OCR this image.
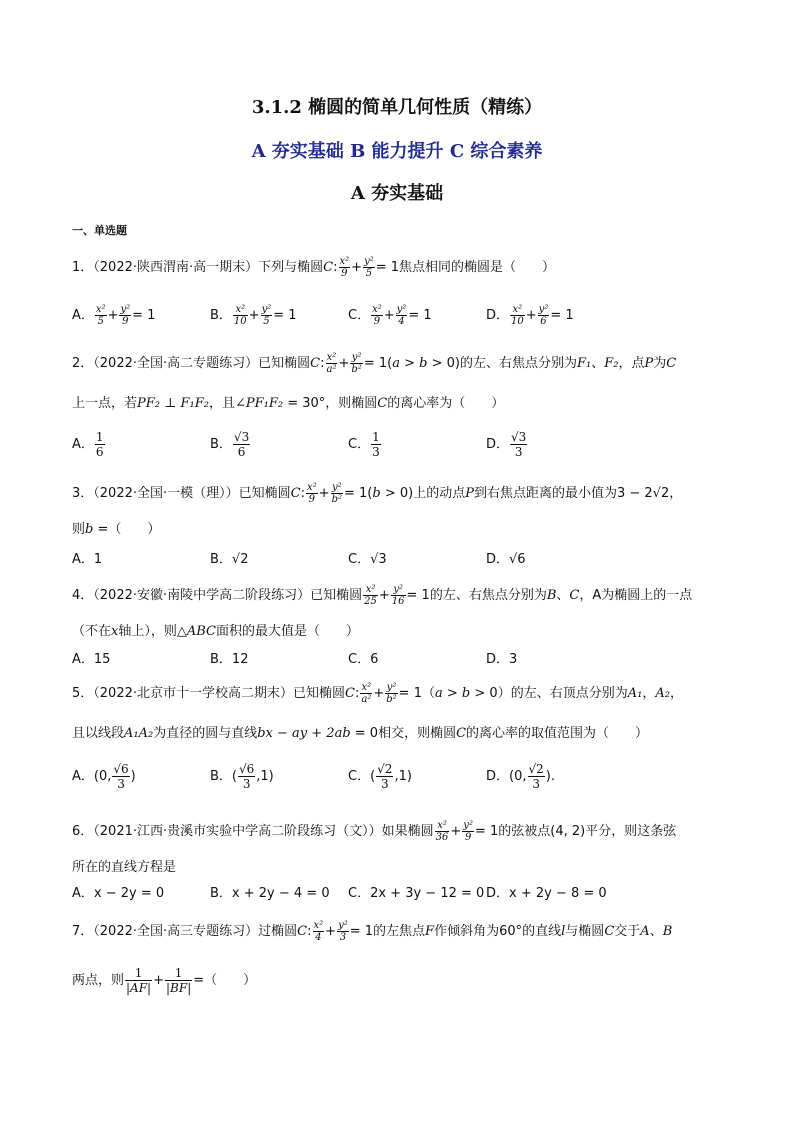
3.1.2 椭圆的简单几何性质（精练）
A 夯实基础 B 能力提升 C 综合素养
A 夯实基础
一、单选题
1．（2022·陕西渭南·高一期末）下列与椭圆C: $\frac{\text{x²}}{9} + \frac{\text{y²}}{5} = 1$焦点相同的椭圆是（　　）
A． $\frac{\text{x²}}{5} + \frac{\text{y²}}{9} = 1$	B． $\frac{\text{x²}}{10} + \frac{\text{y²}}{5} = 1$	C． $\frac{\text{x²}}{9} + \frac{\text{y²}}{4} = 1$	D． $\frac{\text{x²}}{10} + \frac{\text{y²}}{6} = 1$
2．（2022·全国·高二专题练习）已知椭圆C: $\frac{\text{x²}}{\text{a²}} + \frac{\text{y²}}{\text{b²}} = 1(a > b > 0)$的左、右焦点分别为F₁、F₂，点P为C
上一点，若PF₂ ⊥ F₁F₂，且∠PF₁F₂ = 30°，则椭圆C的离心率为（　　）
A． $\frac{1}{6}$	B． $\frac{√3}{6}$	C． $\frac{1}{3}$	D． $\frac{√3}{3}$
3．（2022·全国·一模（理））已知椭圆C: $\frac{\text{x²}}{9} + \frac{\text{y²}}{\text{b²}} = 1(b > 0)$上的动点P到右焦点距离的最小值为3 − 2√2，
则b =（　　）
A．1	B．√2	C．√3	D．√6
4．（2022·安徽·南陵中学高二阶段练习）已知椭圆 $\frac{\text{x²}}{25} + \frac{\text{y²}}{16} = 1$的左、右焦点分别为B、C，A为椭圆上的一点
（不在x轴上），则△ABC面积的最大值是（　　）
A．15	B．12	C．6	D．3
5．（2022·北京市十一学校高二期末）已知椭圆C: $\frac{\text{x²}}{\text{a²}} + \frac{\text{y²}}{\text{b²}} = 1(a > b > 0)$的左、右顶点分别为A₁，A₂，
且以线段A₁A₂为直径的圆与直线bx − ay + 2ab = 0相交，则椭圆C的离心率的取值范围为（　　）
A．(0, $\frac{√6}{3}$ )	B．( $\frac{√6}{3} ,1$)	C．( $\frac{√2}{3} ,1$)	D．(0, $\frac{√2}{3}$ ).
6．（2021·江西·贵溪市实验中学高二阶段练习（文））如果椭圆 $\frac{\text{x²}}{36} + \frac{\text{y²}}{9} = 1$的弦被点(4, 2)平分，则这条弦
所在的直线方程是
A．x − 2y = 0	B．x + 2y − 4 = 0 C．2x + 3y − 12 = 0 D．x + 2y − 8 = 0
7．（2022·全国·高三专题练习）过椭圆C: $\frac{\text{x²}}{4} + \frac{\text{y²}}{3} = 1$的左焦点F作倾斜角为60°的直线l与椭圆C交于A、B
两点，则 $\frac{1}{|AF|} + \frac{1}{|BF|}$ =（　　）
